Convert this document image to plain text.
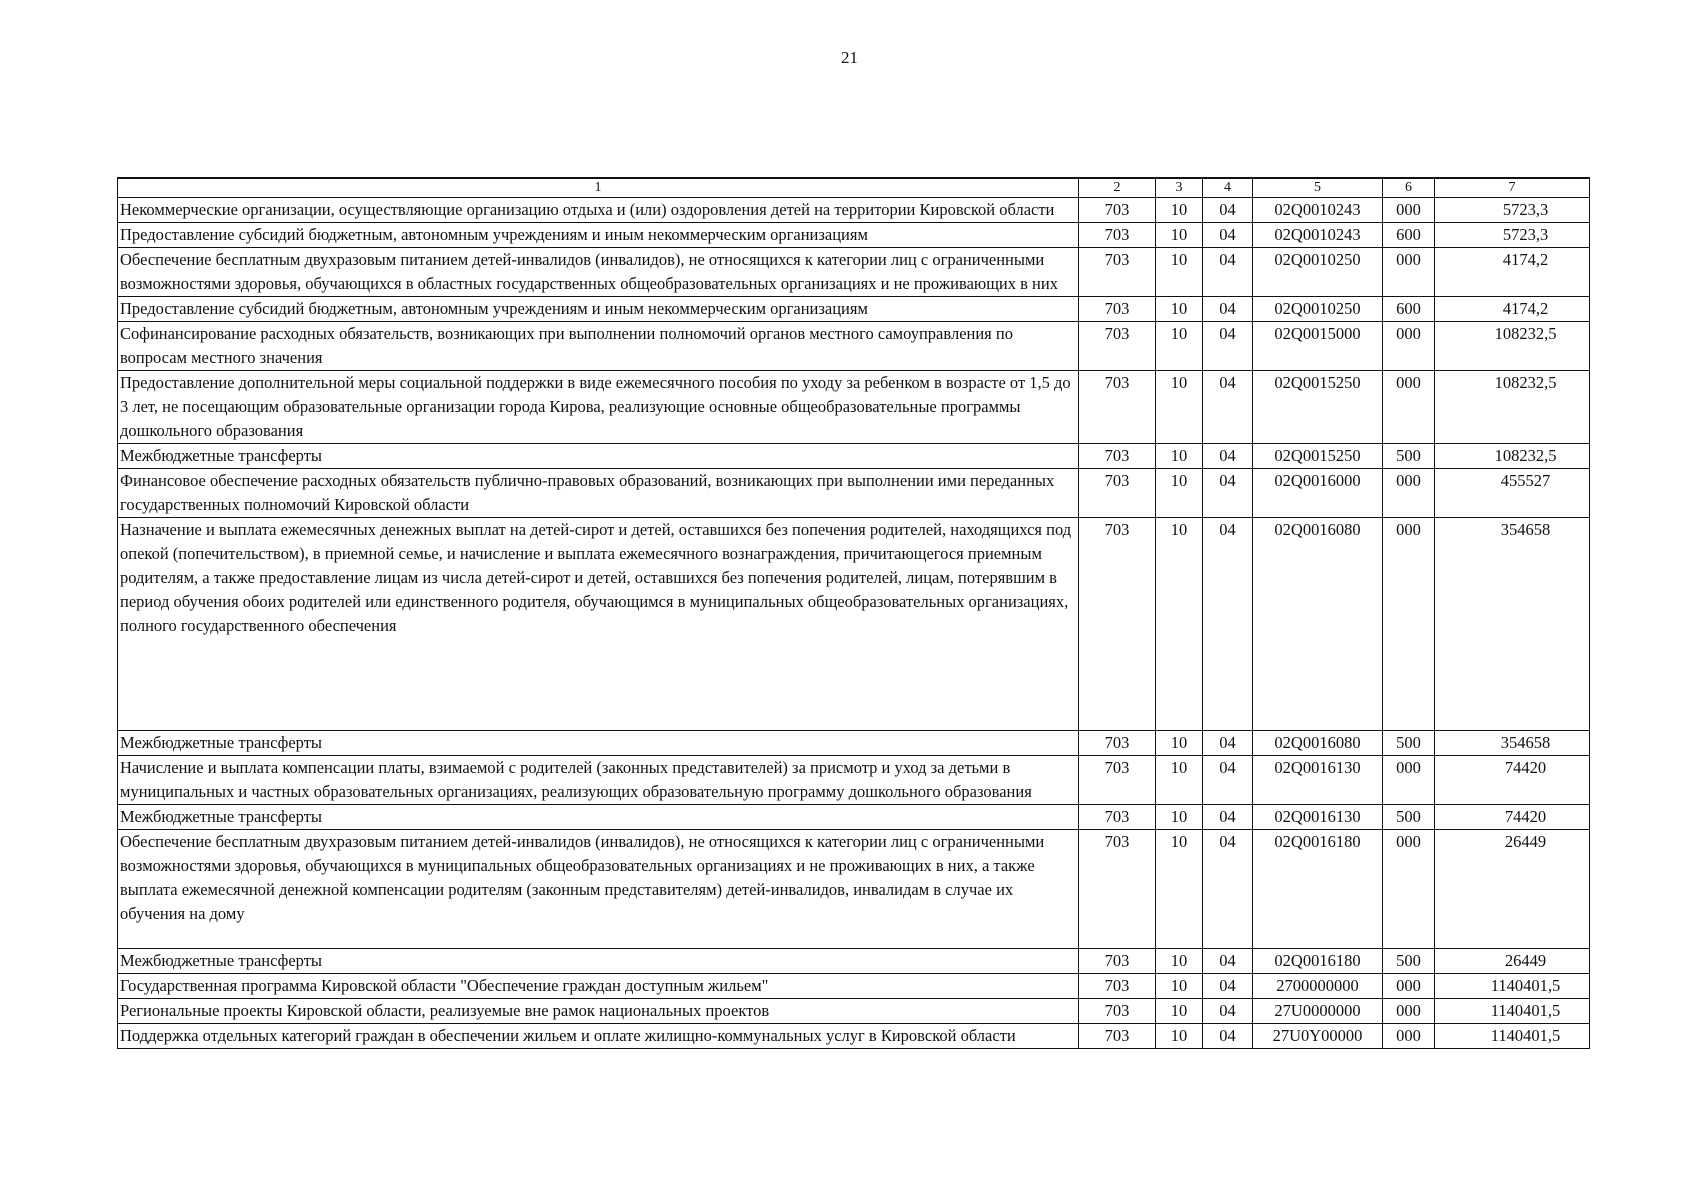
21
1	2	3	4	5	6	7
Некоммерческие организации, осуществляющие организацию отдыха и (или) оздоровления детей на территории Кировской области	703	10	04	02Q0010243	000	5723,3
Предоставление субсидий бюджетным, автономным учреждениям и иным некоммерческим организациям	703	10	04	02Q0010243	600	5723,3
Обеспечение бесплатным двухразовым питанием детей-инвалидов (инвалидов), не относящихся к категории лиц с ограниченными возможностями здоровья, обучающихся в областных государственных общеобразовательных организациях и не проживающих в них	703	10	04	02Q0010250	000	4174,2
Предоставление субсидий бюджетным, автономным учреждениям и иным некоммерческим организациям	703	10	04	02Q0010250	600	4174,2
Софинансирование расходных обязательств, возникающих при выполнении полномочий органов местного самоуправления по вопросам местного значения	703	10	04	02Q0015000	000	108232,5
Предоставление дополнительной меры социальной поддержки в виде ежемесячного пособия по уходу за ребенком в возрасте от 1,5 до 3 лет, не посещающим образовательные организации города Кирова, реализующие основные общеобразовательные программы дошкольного образования	703	10	04	02Q0015250	000	108232,5
Межбюджетные трансферты	703	10	04	02Q0015250	500	108232,5
Финансовое обеспечение расходных обязательств публично-правовых образований, возникающих при выполнении ими переданных государственных полномочий Кировской области	703	10	04	02Q0016000	000	455527
Назначение и выплата ежемесячных денежных выплат на детей-сирот и детей, оставшихся без попечения родителей, находящихся под опекой (попечительством), в приемной семье, и начисление и выплата ежемесячного вознаграждения, причитающегося приемным родителям, а также предоставление лицам из числа детей-сирот и детей, оставшихся без попечения родителей, лицам, потерявшим в период обучения обоих родителей или единственного родителя, обучающимся в муниципальных общеобразовательных организациях, полного государственного обеспечения	703	10	04	02Q0016080	000	354658
Межбюджетные трансферты	703	10	04	02Q0016080	500	354658
Начисление и выплата компенсации платы, взимаемой с родителей (законных представителей) за присмотр и уход за детьми в муниципальных и частных образовательных организациях, реализующих образовательную программу дошкольного образования	703	10	04	02Q0016130	000	74420
Межбюджетные трансферты	703	10	04	02Q0016130	500	74420
Обеспечение бесплатным двухразовым питанием детей-инвалидов (инвалидов), не относящихся к категории лиц с ограниченными возможностями здоровья, обучающихся в муниципальных общеобразовательных организациях и не проживающих в них, а также выплата ежемесячной денежной компенсации родителям (законным представителям) детей-инвалидов, инвалидам в случае их обучения на дому	703	10	04	02Q0016180	000	26449
Межбюджетные трансферты	703	10	04	02Q0016180	500	26449
Государственная программа Кировской области "Обеспечение граждан доступным жильем"	703	10	04	2700000000	000	1140401,5
Региональные проекты Кировской области, реализуемые вне рамок национальных проектов	703	10	04	27U0000000	000	1140401,5
Поддержка отдельных категорий граждан в обеспечении жильем и оплате жилищно-коммунальных услуг в Кировской области	703	10	04	27U0Y00000	000	1140401,5
